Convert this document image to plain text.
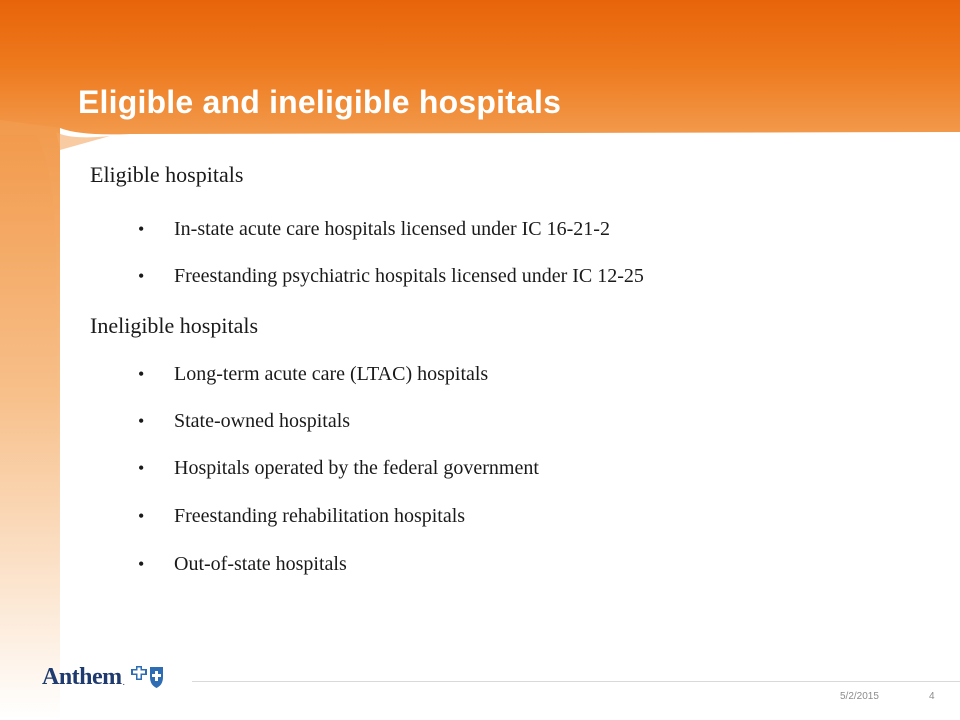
Eligible and ineligible hospitals
Eligible hospitals
•	In-state acute care hospitals licensed under IC 16-21-2
•	Freestanding psychiatric hospitals licensed under IC 12-25
Ineligible hospitals
•	Long-term acute care (LTAC) hospitals
•	State-owned hospitals
•	Hospitals operated by the federal government
•	Freestanding rehabilitation hospitals
•	Out-of-state hospitals
Anthem .
5/2/2015	4
